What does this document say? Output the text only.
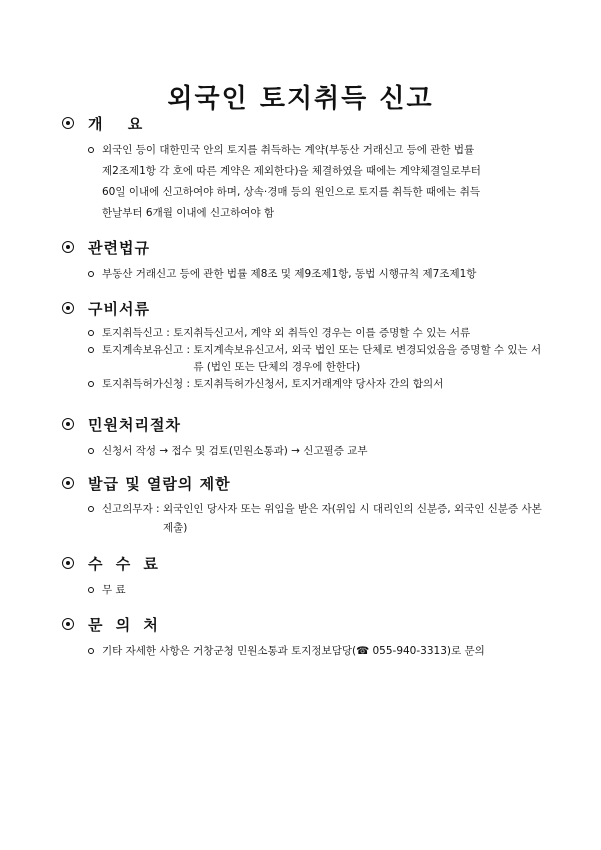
외국인 토지취득 신고
개 요
외국인 등이 대한민국 안의 토지를 취득하는 계약(부동산 거래신고 등에 관한 법률
제2조제1항 각 호에 따른 계약은 제외한다)을 체결하였을 때에는 계약체결일로부터
60일 이내에 신고하여야 하며, 상속·경매 등의 원인으로 토지를 취득한 때에는 취득
한날부터 6개월 이내에 신고하여야 함
관련법규
부동산 거래신고 등에 관한 법률 제8조 및 제9조제1항, 동법 시행규칙 제7조제1항
구비서류
토지취득신고 : 토지취득신고서, 계약 외 취득인 경우는 이를 증명할 수 있는 서류
토지계속보유신고 : 토지계속보유신고서, 외국 법인 또는 단체로 변경되었음을 증명할 수 있는 서류 (법인 또는 단체의 경우에 한한다)
토지취득허가신청 : 토지취득허가신청서, 토지거래계약 당사자 간의 합의서
민원처리절차
신청서 작성 → 접수 및 검토(민원소통과) → 신고필증 교부
발급 및 열람의 제한
신고의무자 : 외국인인 당사자 또는 위임을 받은 자(위임 시 대리인의 신분증, 외국인 신분증 사본 제출)
수 수 료
무 료
문 의 처
기타 자세한 사항은 거창군청 민원소통과 토지정보담당(☎ 055-940-3313)로 문의
